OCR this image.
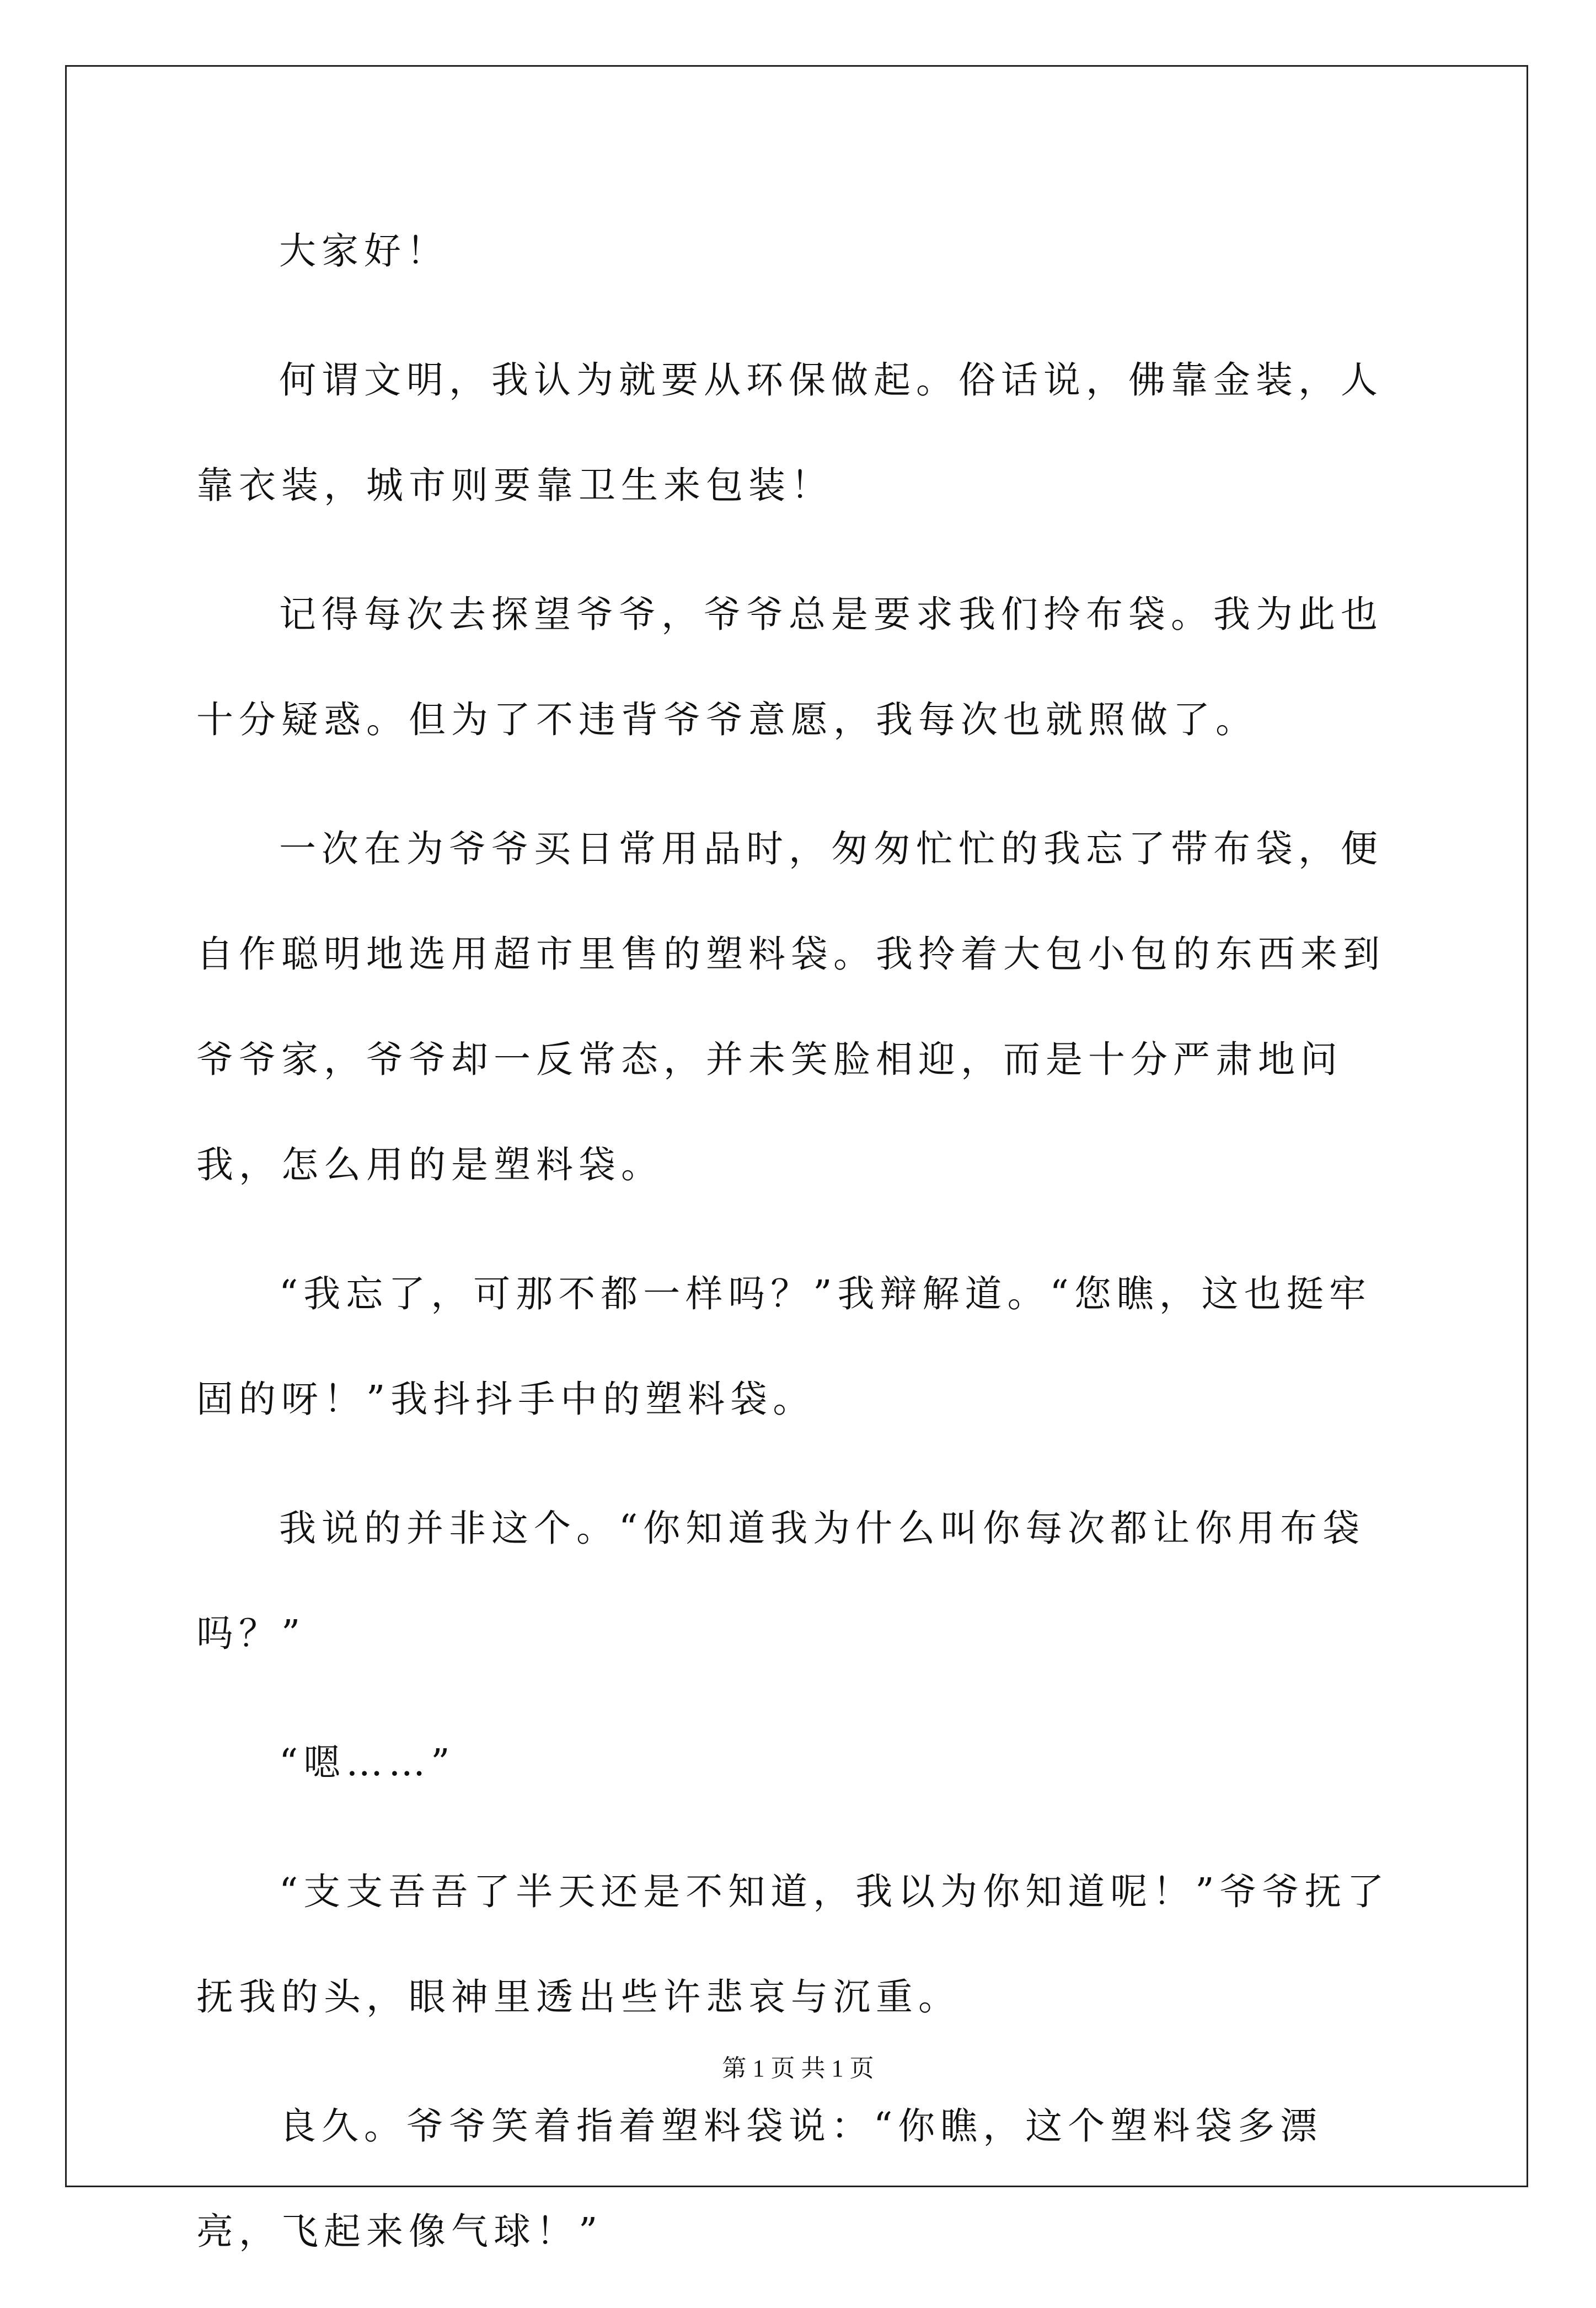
大家好！

何谓文明，我认为就要从环保做起。俗话说，佛靠金装，人靠衣装，城市则要靠卫生来包装！

记得每次去探望爷爷，爷爷总是要求我们拎布袋。我为此也十分疑惑。但为了不违背爷爷意愿，我每次也就照做了。

一次在为爷爷买日常用品时，匆匆忙忙的我忘了带布袋，便自作聪明地选用超市里售的塑料袋。我拎着大包小包的东西来到爷爷家，爷爷却一反常态，并未笑脸相迎，而是十分严肃地问我，怎么用的是塑料袋。

“我忘了，可那不都一样吗？”我辩解道。“您瞧，这也挺牢固的呀！”我抖抖手中的塑料袋。

我说的并非这个。“你知道我为什么叫你每次都让你用布袋吗？”

“嗯……”

“支支吾吾了半天还是不知道，我以为你知道呢！”爷爷抚了抚我的头，眼神里透出些许悲哀与沉重。

良久。爷爷笑着指着塑料袋说：“你瞧，这个塑料袋多漂亮，飞起来像气球！”

第 1 页 共 1 页
